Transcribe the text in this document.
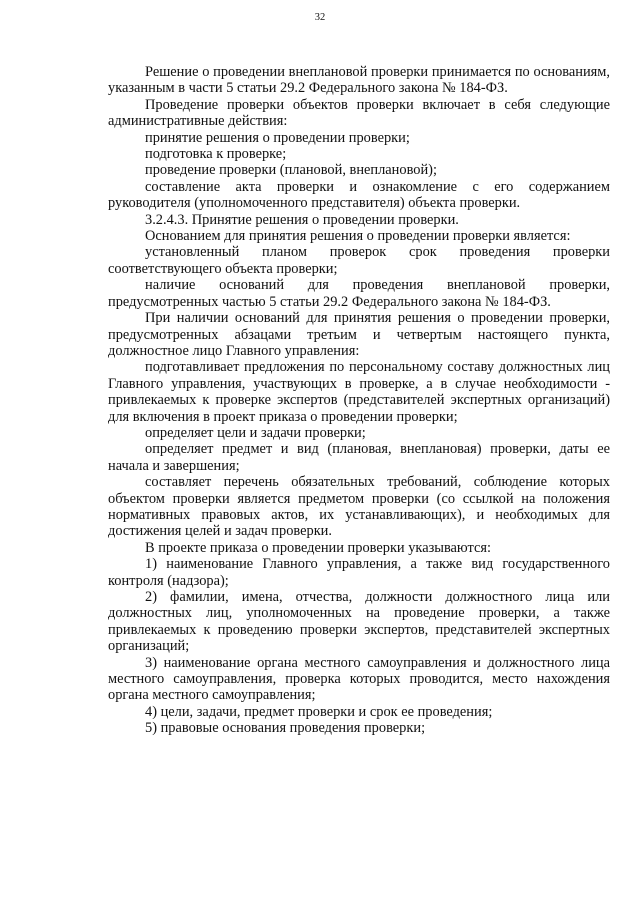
32

Решение о проведении внеплановой проверки принимается по основаниям, указанным в части 5 статьи 29.2 Федерального закона № 184-ФЗ.

Проведение проверки объектов проверки включает в себя следующие административные действия:

принятие решения о проведении проверки;

подготовка к проверке;

проведение проверки (плановой, внеплановой);

составление акта проверки и ознакомление с его содержанием руководителя (уполномоченного представителя) объекта проверки.

3.2.4.3. Принятие решения о проведении проверки.

Основанием для принятия решения о проведении проверки является:

установленный планом проверок срок проведения проверки соответствующего объекта проверки;

наличие оснований для проведения внеплановой проверки, предусмотренных частью 5 статьи 29.2 Федерального закона № 184-ФЗ.

При наличии оснований для принятия решения о проведении проверки, предусмотренных абзацами третьим и четвертым настоящего пункта, должностное лицо Главного управления:

подготавливает предложения по персональному составу должностных лиц Главного управления, участвующих в проверке, а в случае необходимости - привлекаемых к проверке экспертов (представителей экспертных организаций) для включения в проект приказа о проведении проверки;

определяет цели и задачи проверки;

определяет предмет и вид (плановая, внеплановая) проверки, даты ее начала и завершения;

составляет перечень обязательных требований, соблюдение которых объектом проверки является предметом проверки (со ссылкой на положения нормативных правовых актов, их устанавливающих), и необходимых для достижения целей и задач проверки.

В проекте приказа о проведении проверки указываются:

1) наименование Главного управления, а также вид государственного контроля (надзора);

2) фамилии, имена, отчества, должности должностного лица или должностных лиц, уполномоченных на проведение проверки, а также привлекаемых к проведению проверки экспертов, представителей экспертных организаций;

3) наименование органа местного самоуправления и должностного лица местного самоуправления, проверка которых проводится, место нахождения органа местного самоуправления;

4) цели, задачи, предмет проверки и срок ее проведения;

5) правовые основания проведения проверки;
